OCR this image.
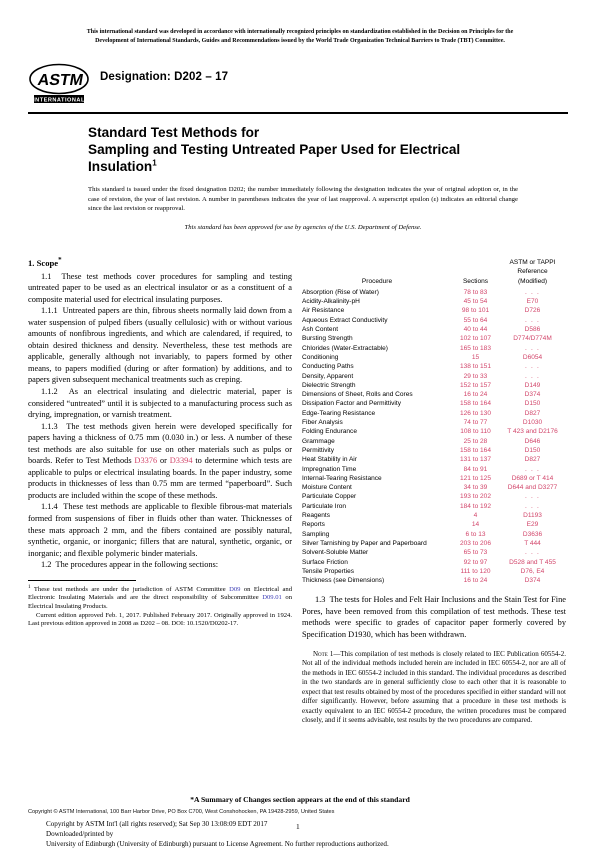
This international standard was developed in accordance with internationally recognized principles on standardization established in the Decision on Principles for the
Development of International Standards, Guides and Recommendations issued by the World Trade Organization Technical Barriers to Trade (TBT) Committee.
ASTM
INTERNATIONAL
Designation: D202 – 17
Standard Test Methods for
Sampling and Testing Untreated Paper Used for Electrical
Insulation$^1$
This standard is issued under the fixed designation D202; the number immediately following the designation indicates the year of original adoption or, in the case of revision, the year of last revision. A number in parentheses indicates the year of last reapproval. A superscript epsilon (ε) indicates an editorial change since the last revision or reapproval.
This standard has been approved for use by agencies of the U.S. Department of Defense.
1. Scope*

1.1 These test methods cover procedures for sampling and testing untreated paper to be used as an electrical insulator or as a constituent of a composite material used for electrical insulating purposes.

1.1.1 Untreated papers are thin, fibrous sheets normally laid down from a water suspension of pulped fibers (usually cellulosic) with or without various amounts of nonfibrous ingredients, and which are calendared, if required, to obtain desired thickness and density. Nevertheless, these test methods are applicable, generally although not invariably, to papers formed by other means, to papers modified (during or after formation) by additions, and to papers given subsequent mechanical treatments such as creping.

1.1.2 As an electrical insulating and dielectric material, paper is considered “untreated” until it is subjected to a manufacturing process such as drying, impregnation, or varnish treatment.

1.1.3 The test methods given herein were developed specifically for papers having a thickness of 0.75 mm (0.030 in.) or less. A number of these test methods are also suitable for use on other materials such as pulps or boards. Refer to Test Methods D3376 or D3394 to determine which tests are applicable to pulps or electrical insulating boards. In the paper industry, some products in thicknesses of less than 0.75 mm are termed “paperboard”. Such products are included within the scope of these methods.

1.1.4 These test methods are applicable to flexible fibrous-mat materials formed from suspensions of fiber in fluids other than water. Thicknesses of these mats approach 2 mm, and the fibers contained are possibly natural, synthetic, organic, or inorganic; fillers that are natural, synthetic, organic, or inorganic; and flexible polymeric binder materials.

1.2 The procedures appear in the following sections:

$^1$ These test methods are under the jurisdiction of ASTM Committee D09 on Electrical and Electronic Insulating Materials and are the direct responsibility of Subcommittee D09.01 on Electrical Insulating Products.

Current edition approved Feb. 1, 2017. Published February 2017. Originally approved in 1924. Last previous edition approved in 2008 as D202 – 08. DOI: 10.1520/D0202-17.

Procedure	Sections	ASTM or TAPPI
Reference
(Modified)
Absorption (Rise of Water)	78 to 83	. . .
Acidity-Alkalinity-pH	45 to 54	E70
Air Resistance	98 to 101	D726
Aqueous Extract Conductivity	55 to 64	. . .
Ash Content	40 to 44	D586
Bursting Strength	102 to 107	D774/D774M
Chlorides (Water-Extractable)	165 to 183	. . .
Conditioning	15	D6054
Conducting Paths	138 to 151	. . .
Density, Apparent	29 to 33	. . .
Dielectric Strength	152 to 157	D149
Dimensions of Sheet, Rolls and Cores	16 to 24	D374
Dissipation Factor and Permittivity	158 to 164	D150
Edge-Tearing Resistance	126 to 130	D827
Fiber Analysis	74 to 77	D1030
Folding Endurance	108 to 110	T 423 and D2176
Grammage	25 to 28	D646
Permittivity	158 to 164	D150
Heat Stability in Air	131 to 137	D827
Impregnation Time	84 to 91	. . .
Internal-Tearing Resistance	121 to 125	D689 or T 414
Moisture Content	34 to 39	D644 and D3277
Particulate Copper	193 to 202	. . .
Particulate Iron	184 to 192	. . .
Reagents	4	D1193
Reports	14	E29
Sampling	6 to 13	D3636
Silver Tarnishing by Paper and Paperboard	203 to 206	T 444
Solvent-Soluble Matter	65 to 73	. . .
Surface Friction	92 to 97	D528 and T 455
Tensile Properties	111 to 120	D76, E4
Thickness (see Dimensions)	16 to 24	D374

1.3 The tests for Holes and Felt Hair Inclusions and the Stain Test for Fine Pores, have been removed from this compilation of test methods. These test methods were specific to grades of capacitor paper formerly covered by Specification D1930, which has been withdrawn.

Note 1—This compilation of test methods is closely related to IEC Publication 60554-2. Not all of the individual methods included herein are included in IEC 60554-2, nor are all of the methods in IEC 60554-2 included in this standard. The individual procedures as described in the two standards are in general sufficiently close to each other that it is reasonable to expect that test results obtained by most of the procedures specified in either standard will not differ significantly. However, before assuming that a procedure in these test methods is exactly equivalent to an IEC 60554-2 procedure, the written procedures must be compared closely, and if it seems advisable, test results by the two procedures are compared.
*A Summary of Changes section appears at the end of this standard
Copyright © ASTM International, 100 Barr Harbor Drive, PO Box C700, West Conshohocken, PA 19428-2959, United States
Copyright by ASTM Int'l (all rights reserved); Sat Sep 30 13:08:09 EDT 2017
Downloaded/printed by
University of Edinburgh (University of Edinburgh) pursuant to License Agreement. No further reproductions authorized.
1
